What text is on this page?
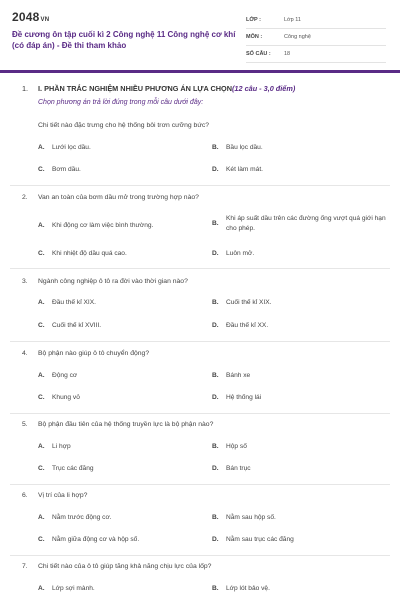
2048VN
Đề cương ôn tập cuối kì 2 Công nghệ 11 Công nghệ cơ khí (có đáp án) - Đề thi tham khảo
LỚP :	Lớp 11
MÔN :	Công nghệ
SỐ CÂU :	18
1. I. PHẦN TRẮC NGHIỆM NHIỀU PHƯƠNG ÁN LỰA CHỌN(12 câu - 3,0 điểm)
Chọn phương án trả lời đúng trong mỗi câu dưới đây:
Chi tiết nào đặc trưng cho hệ thống bôi trơn cưỡng bức?
A.	Lưới lọc dầu.	B.	Bầu lọc dầu.
C.	Bơm dầu.	D.	Két làm mát.
2. Van an toàn của bơm dầu mở trong trường hợp nào?
A.	Khi động cơ làm việc bình thường.	B.
Khi áp suất dầu trên các đường ống vượt quá giới hạn cho phép.
C.	Khi nhiệt độ dầu quá cao.	D.	Luôn mở.
3. Ngành công nghiệp ô tô ra đời vào thời gian nào?
A.	Đầu thế kỉ XIX.	B.	Cuối thế kỉ XIX.
C.	Cuối thế kỉ XVIII.	D.	Đầu thế kỉ XX.
4. Bộ phận nào giúp ô tô chuyển động?
A.	Động cơ	B.	Bánh xe
C.	Khung vỏ	D.	Hệ thống lái
5. Bộ phận đầu tiên của hệ thống truyền lực là bộ phận nào?
A.	Li hợp	B.	Hộp số
C.	Trục các đăng	D.	Bán trục
6. Vị trí của li hợp?
A.	Nằm trước động cơ.	B.	Nằm sau hộp số.
C.	Nằm giữa động cơ và hộp số.	D.	Nằm sau trục các đăng
7. Chi tiết nào của ô tô giúp tăng khả năng chịu lực của lốp?
A.	Lớp sợi mành.	B.	Lớp lót bảo vệ.
